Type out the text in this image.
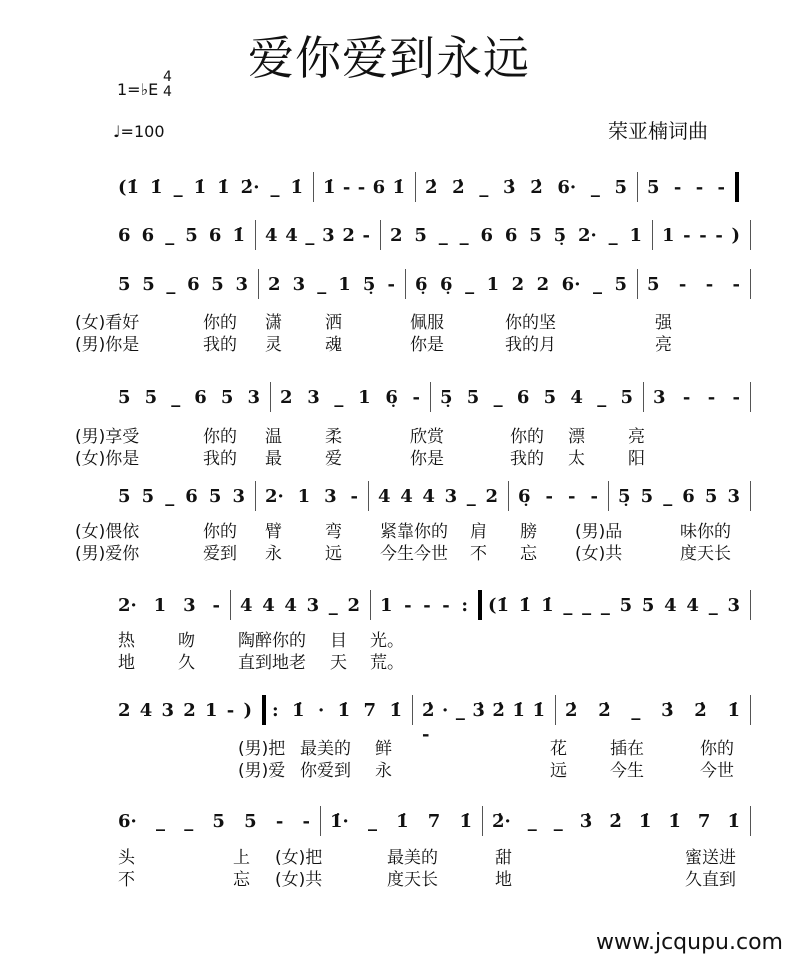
爱你爱到永远
1=♭E
4
4
♩=100	荣亚楠词曲
www.jcqupu.com
(1̇ 1̇ _ 1̇ 1̇ 2̇· _ 1̇ 1̇ - - 6 1̇ 2̇ 2̇ _ 3̇ 2̇ 6· _ 5 5 - - -
6 6 _ 5 6 1̇ 4 4 _ 3 2 - 2 5 _ _ 6 6 5 5̣ 2· _ 1 1 - - - )
5 5 _ 6 5 3 2 3 _ 1 5̣ - 6̣ 6̣ _ 1 2 2 6· _ 5 5 - - -
5 5 _ 6 5 3 2 3 _ 1 6̣ - 5̣ 5 _ 6 5 4 _ 5 3 - - -
5 5 _ 6 5 3 2· 1 3 - 4 4 4 3 _ 2 6̣ - - - 5̣ 5 _ 6 5 3
2· 1 3 - 4 4 4 3 _ 2 1 - - - : (1̇ 1̇ 1̇ _ _ _ 5 5 4 4 _ 3
2 4 3 2 1 - ) : 1̇ · 1̇ 7 1̇ 2̇ · _ 3̇ 2̇ 1̇ 1̇ -
2̇ 2̇ _ 3̇ 2̇ 1̇
6· _ _ 5 5 - - 1̇· _ 1̇ 7 1̇ 2̇· _ _ 3̇ 2̇ 1̇ 1̇ 7 1̇
(女)看好	你的 潇	洒	佩服	你的坚	强
(男)你是	我的 灵	魂	你是	我的月	亮
(男)享受	你的 温	柔	欣赏	你的 漂	亮
(女)你是	我的 最	爱	你是	我的 太	阳
(女)偎依	你的 臂	弯 紧靠你的 肩 膀 (男)品	味你的
(男)爱你	爱到 永	远 今生今世 不 忘 (女)共	度天长
热	吻	陶醉你的 目 光。
地	久	直到地老 天 荒。
(男)把 最美的 鲜	花	插在	你的
(男)爱 你爱到 永	远	今生	今世
头	上 (女)把	最美的	甜	蜜送进
不	忘 (女)共	度天长	地	久直到
